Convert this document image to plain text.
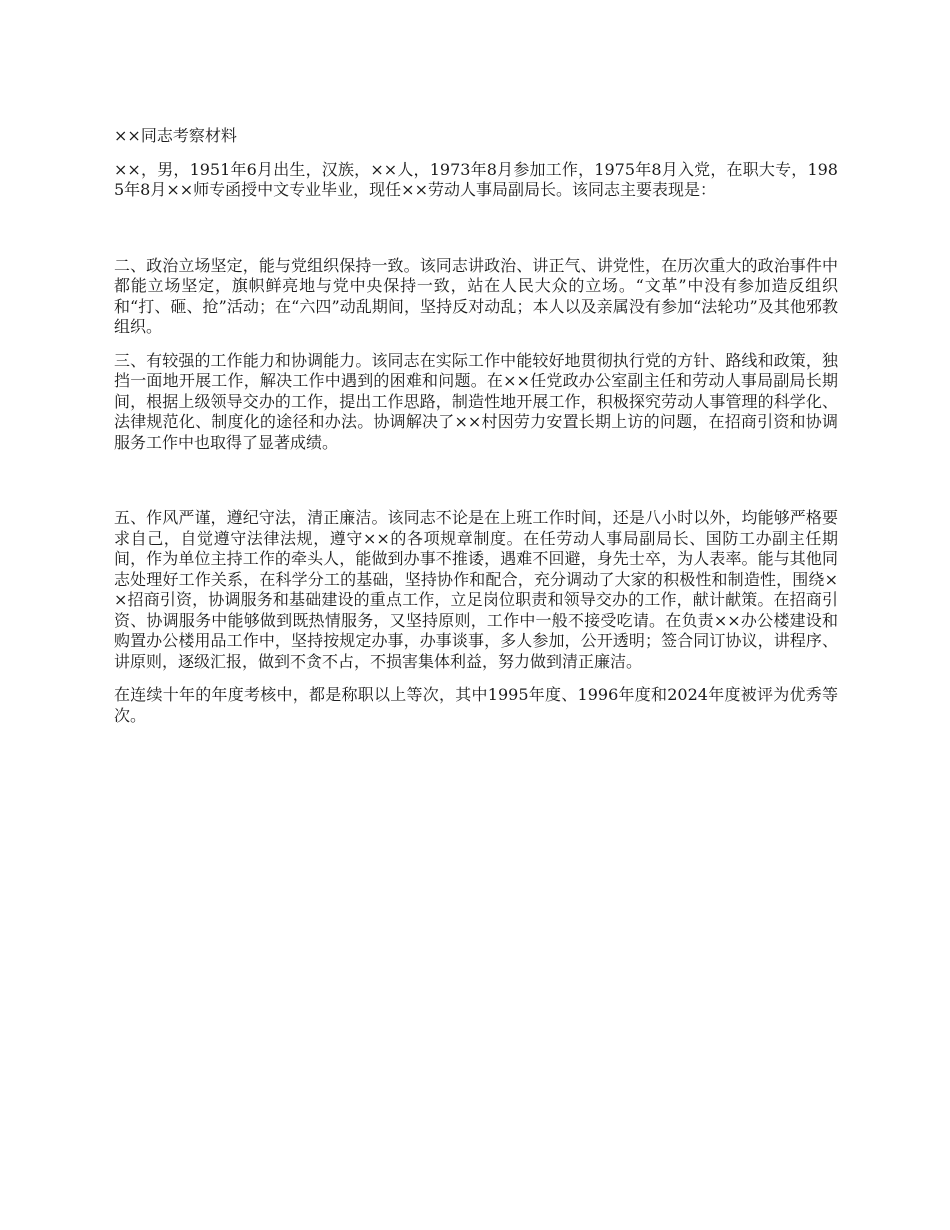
××同志考察材料

××，男，1951年6月出生，汉族，××人，1973年8月参加工作，1975年8月入党，在职大专，1985年8月××师专函授中文专业毕业，现任××劳动人事局副局长。该同志主要表现是：

二、政治立场坚定，能与党组织保持一致。该同志讲政治、讲正气、讲党性，在历次重大的政治事件中都能立场坚定，旗帜鲜亮地与党中央保持一致，站在人民大众的立场。“文革”中没有参加造反组织和“打、砸、抢”活动；在“六四”动乱期间，坚持反对动乱；本人以及亲属没有参加“法轮功”及其他邪教组织。

三、有较强的工作能力和协调能力。该同志在实际工作中能较好地贯彻执行党的方针、路线和政策，独挡一面地开展工作，解决工作中遇到的困难和问题。在××任党政办公室副主任和劳动人事局副局长期间，根据上级领导交办的工作，提出工作思路，制造性地开展工作，积极探究劳动人事管理的科学化、法律规范化、制度化的途径和办法。协调解决了××村因劳力安置长期上访的问题，在招商引资和协调服务工作中也取得了显著成绩。

五、作风严谨，遵纪守法，清正廉洁。该同志不论是在上班工作时间，还是八小时以外，均能够严格要求自己，自觉遵守法律法规，遵守××的各项规章制度。在任劳动人事局副局长、国防工办副主任期间，作为单位主持工作的牵头人，能做到办事不推诿，遇难不回避，身先士卒，为人表率。能与其他同志处理好工作关系，在科学分工的基础，坚持协作和配合，充分调动了大家的积极性和制造性，围绕××招商引资，协调服务和基础建设的重点工作，立足岗位职责和领导交办的工作，献计献策。在招商引资、协调服务中能够做到既热情服务，又坚持原则，工作中一般不接受吃请。在负责××办公楼建设和购置办公楼用品工作中，坚持按规定办事，办事谈事，多人参加，公开透明；签合同订协议，讲程序、讲原则，逐级汇报，做到不贪不占，不损害集体利益，努力做到清正廉洁。

在连续十年的年度考核中，都是称职以上等次，其中1995年度、1996年度和2024年度被评为优秀等次。
